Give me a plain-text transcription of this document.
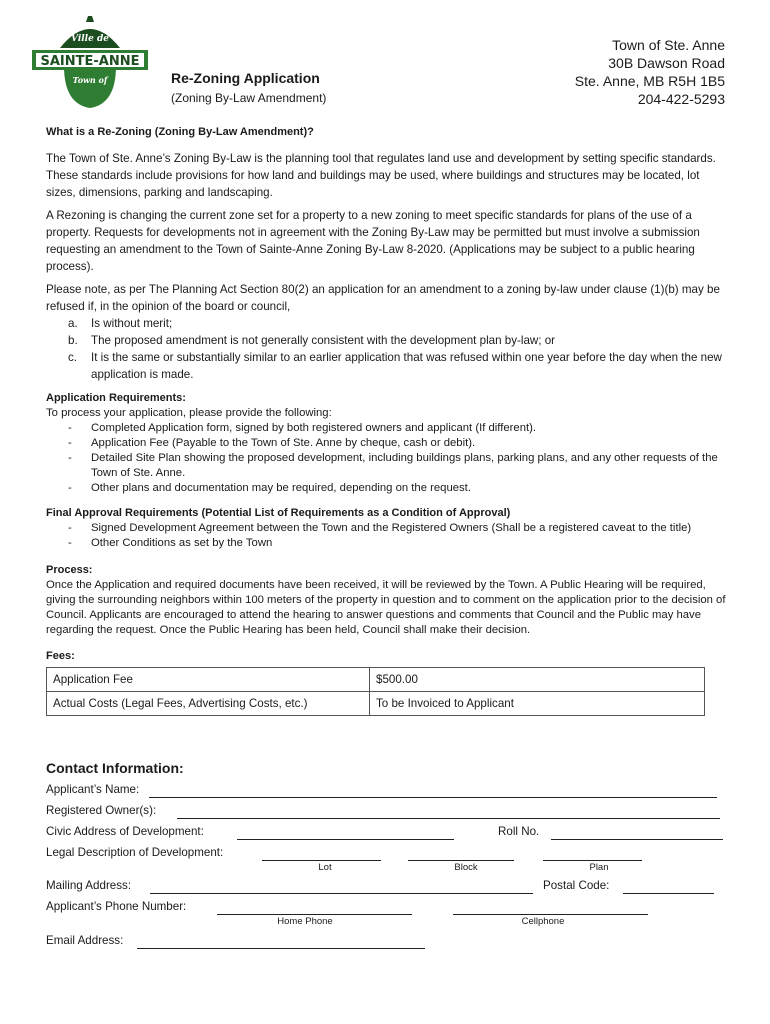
Ville de
SAINTE-ANNE
Town of	Re-Zoning Application
(Zoning By-Law Amendment)
Town of Ste. Anne
30B Dawson Road
Ste. Anne, MB R5H 1B5
204-422-5293

What is a Re-Zoning (Zoning By-Law Amendment)?

The Town of Ste. Anne’s Zoning By-Law is the planning tool that regulates land use and development by setting specific standards. These standards include provisions for how land and buildings may be used, where buildings and structures may be located, lot sizes, dimensions, parking and landscaping.

A Rezoning is changing the current zone set for a property to a new zoning to meet specific standards for plans of the use of a property. Requests for developments not in agreement with the Zoning By-Law may be permitted but must involve a submission requesting an amendment to the Town of Sainte-Anne Zoning By-Law 8-2020. (Applications may be subject to a public hearing process).

Please note, as per The Planning Act Section 80(2) an application for an amendment to a zoning by-law under clause (1)(b) may be refused if, in the opinion of the board or council,

a. Is without merit;
b. The proposed amendment is not generally consistent with the development plan by-law; or
c. It is the same or substantially similar to an earlier application that was refused within one year before the day when the new application is made.
Application Requirements:
To process your application, please provide the following:
- Completed Application form, signed by both registered owners and applicant (If different).
- Application Fee (Payable to the Town of Ste. Anne by cheque, cash or debit).
- Detailed Site Plan showing the proposed development, including buildings plans, parking plans, and any other requests of the Town of Ste. Anne.
- Other plans and documentation may be required, depending on the request.
Final Approval Requirements (Potential List of Requirements as a Condition of Approval)
- Signed Development Agreement between the Town and the Registered Owners (Shall be a registered caveat to the title)
- Other Conditions as set by the Town
Process:
Once the Application and required documents have been received, it will be reviewed by the Town. A Public Hearing will be required, giving the surrounding neighbors within 100 meters of the property in question and to comment on the application prior to the decision of Council. Applicants are encouraged to attend the hearing to answer questions and comments that Council and the Public may have regarding the request. Once the Public Hearing has been held, Council shall make their decision.
Fees:
Application Fee	$500.00
Actual Costs (Legal Fees, Advertising Costs, etc.)	To be Invoiced to Applicant
Contact Information:
Applicant’s Name:
Registered Owner(s):
Civic Address of Development:	Roll No.
Legal Description of Development:
Lot	Block	Plan
Mailing Address:	Postal Code:
Applicant’s Phone Number:
Home Phone	Cellphone
Email Address:
